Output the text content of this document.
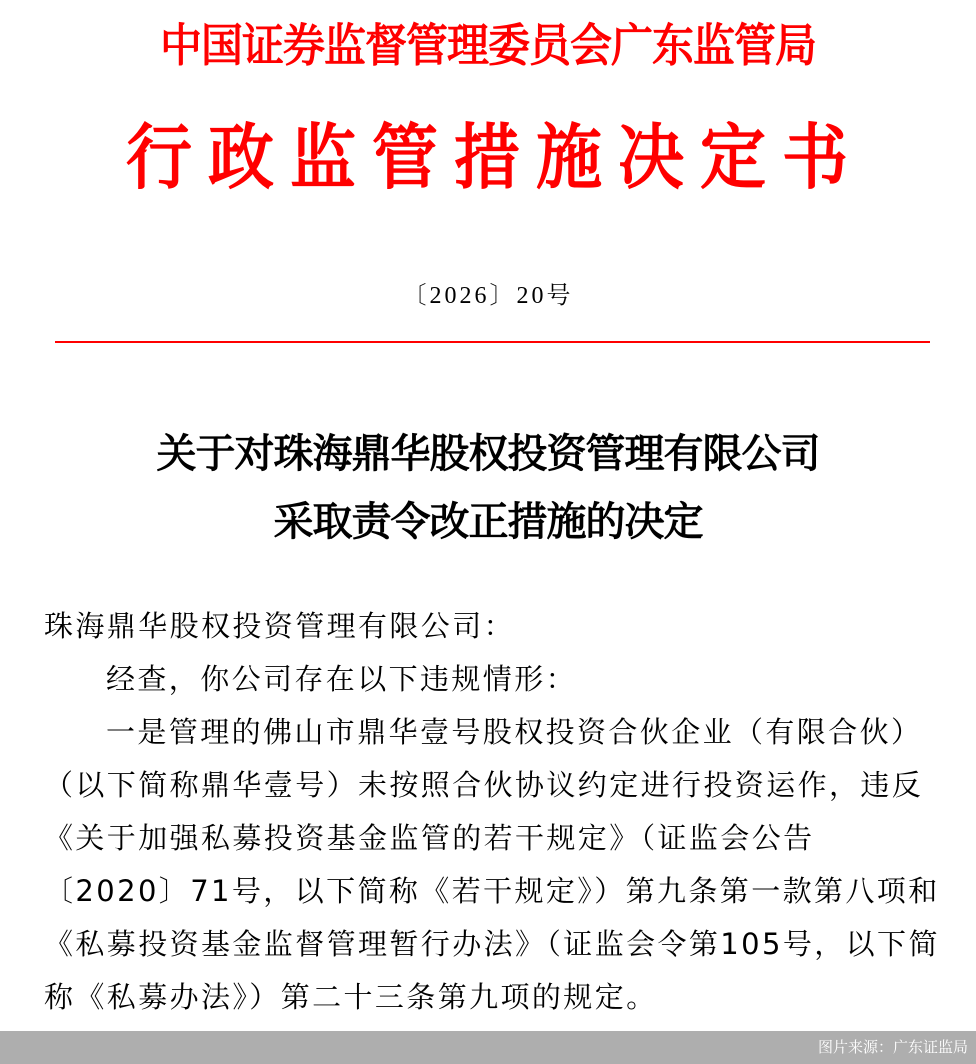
中国证券监督管理委员会广东监管局
行政监管措施决定书
〔2026〕20号
关于对珠海鼎华股权投资管理有限公司
采取责令改正措施的决定

珠海鼎华股权投资管理有限公司：

经查，你公司存在以下违规情形：

一是管理的佛山市鼎华壹号股权投资合伙企业（有限合伙）（以下简称鼎华壹号）未按照合伙协议约定进行投资运作，违反《关于加强私募投资基金监管的若干规定》（证监会公告〔2020〕71号，以下简称《若干规定》）第九条第一款第八项和《私募投资基金监督管理暂行办法》（证监会令第105号，以下简称《私募办法》）第二十三条第九项的规定。

图片来源：广东证监局
